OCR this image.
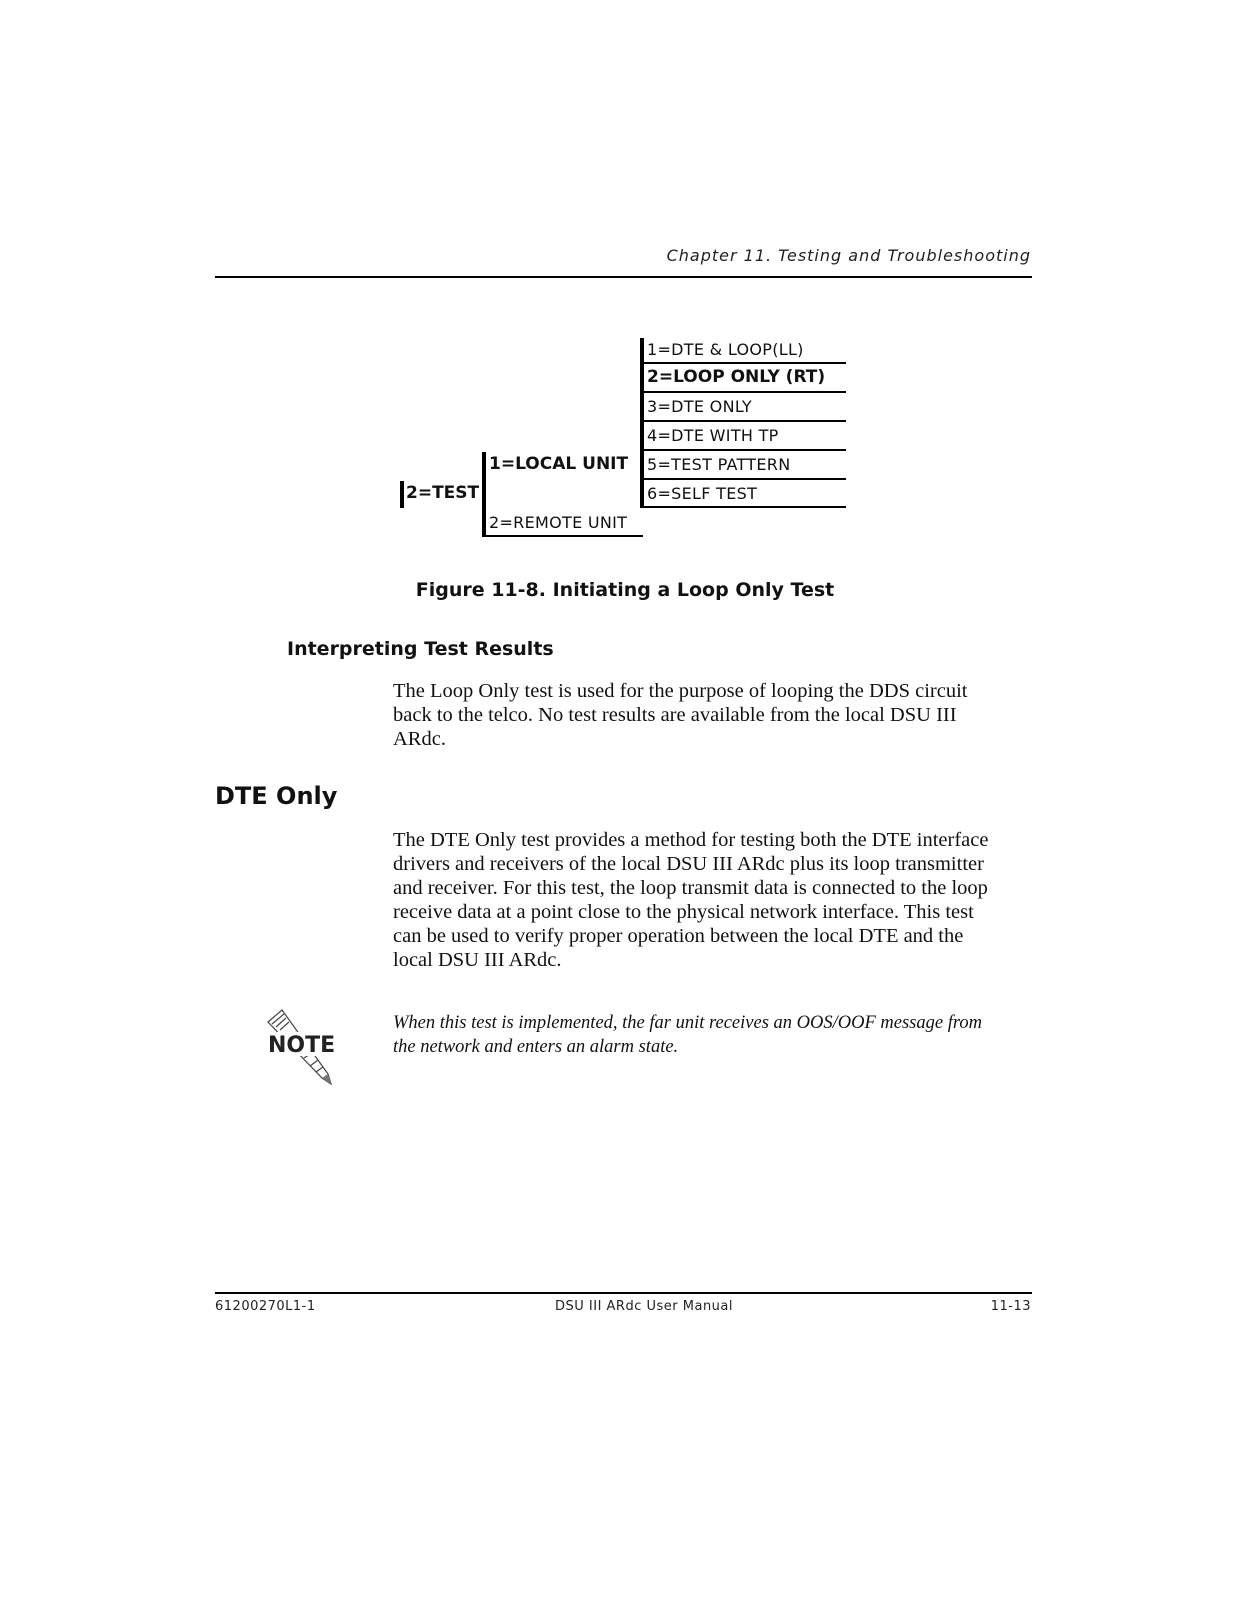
Chapter 11. Testing and Troubleshooting
2=TEST
1=LOCAL UNIT
2=REMOTE UNIT
1=DTE & LOOP(LL)
2=LOOP ONLY (RT)
3=DTE ONLY
4=DTE WITH TP
5=TEST PATTERN
6=SELF TEST
Figure 11-8. Initiating a Loop Only Test
Interpreting Test Results
The Loop Only test is used for the purpose of looping the DDS circuit
back to the telco. No test results are available from the local DSU III
ARdc.
DTE Only
The DTE Only test provides a method for testing both the DTE interface
drivers and receivers of the local DSU III ARdc plus its loop transmitter
and receiver. For this test, the loop transmit data is connected to the loop
receive data at a point close to the physical network interface. This test
can be used to verify proper operation between the local DTE and the
local DSU III ARdc.
NOTE
When this test is implemented, the far unit receives an OOS/OOF message from
the network and enters an alarm state.
61200270L1-1	DSU III ARdc User Manual	11-13
